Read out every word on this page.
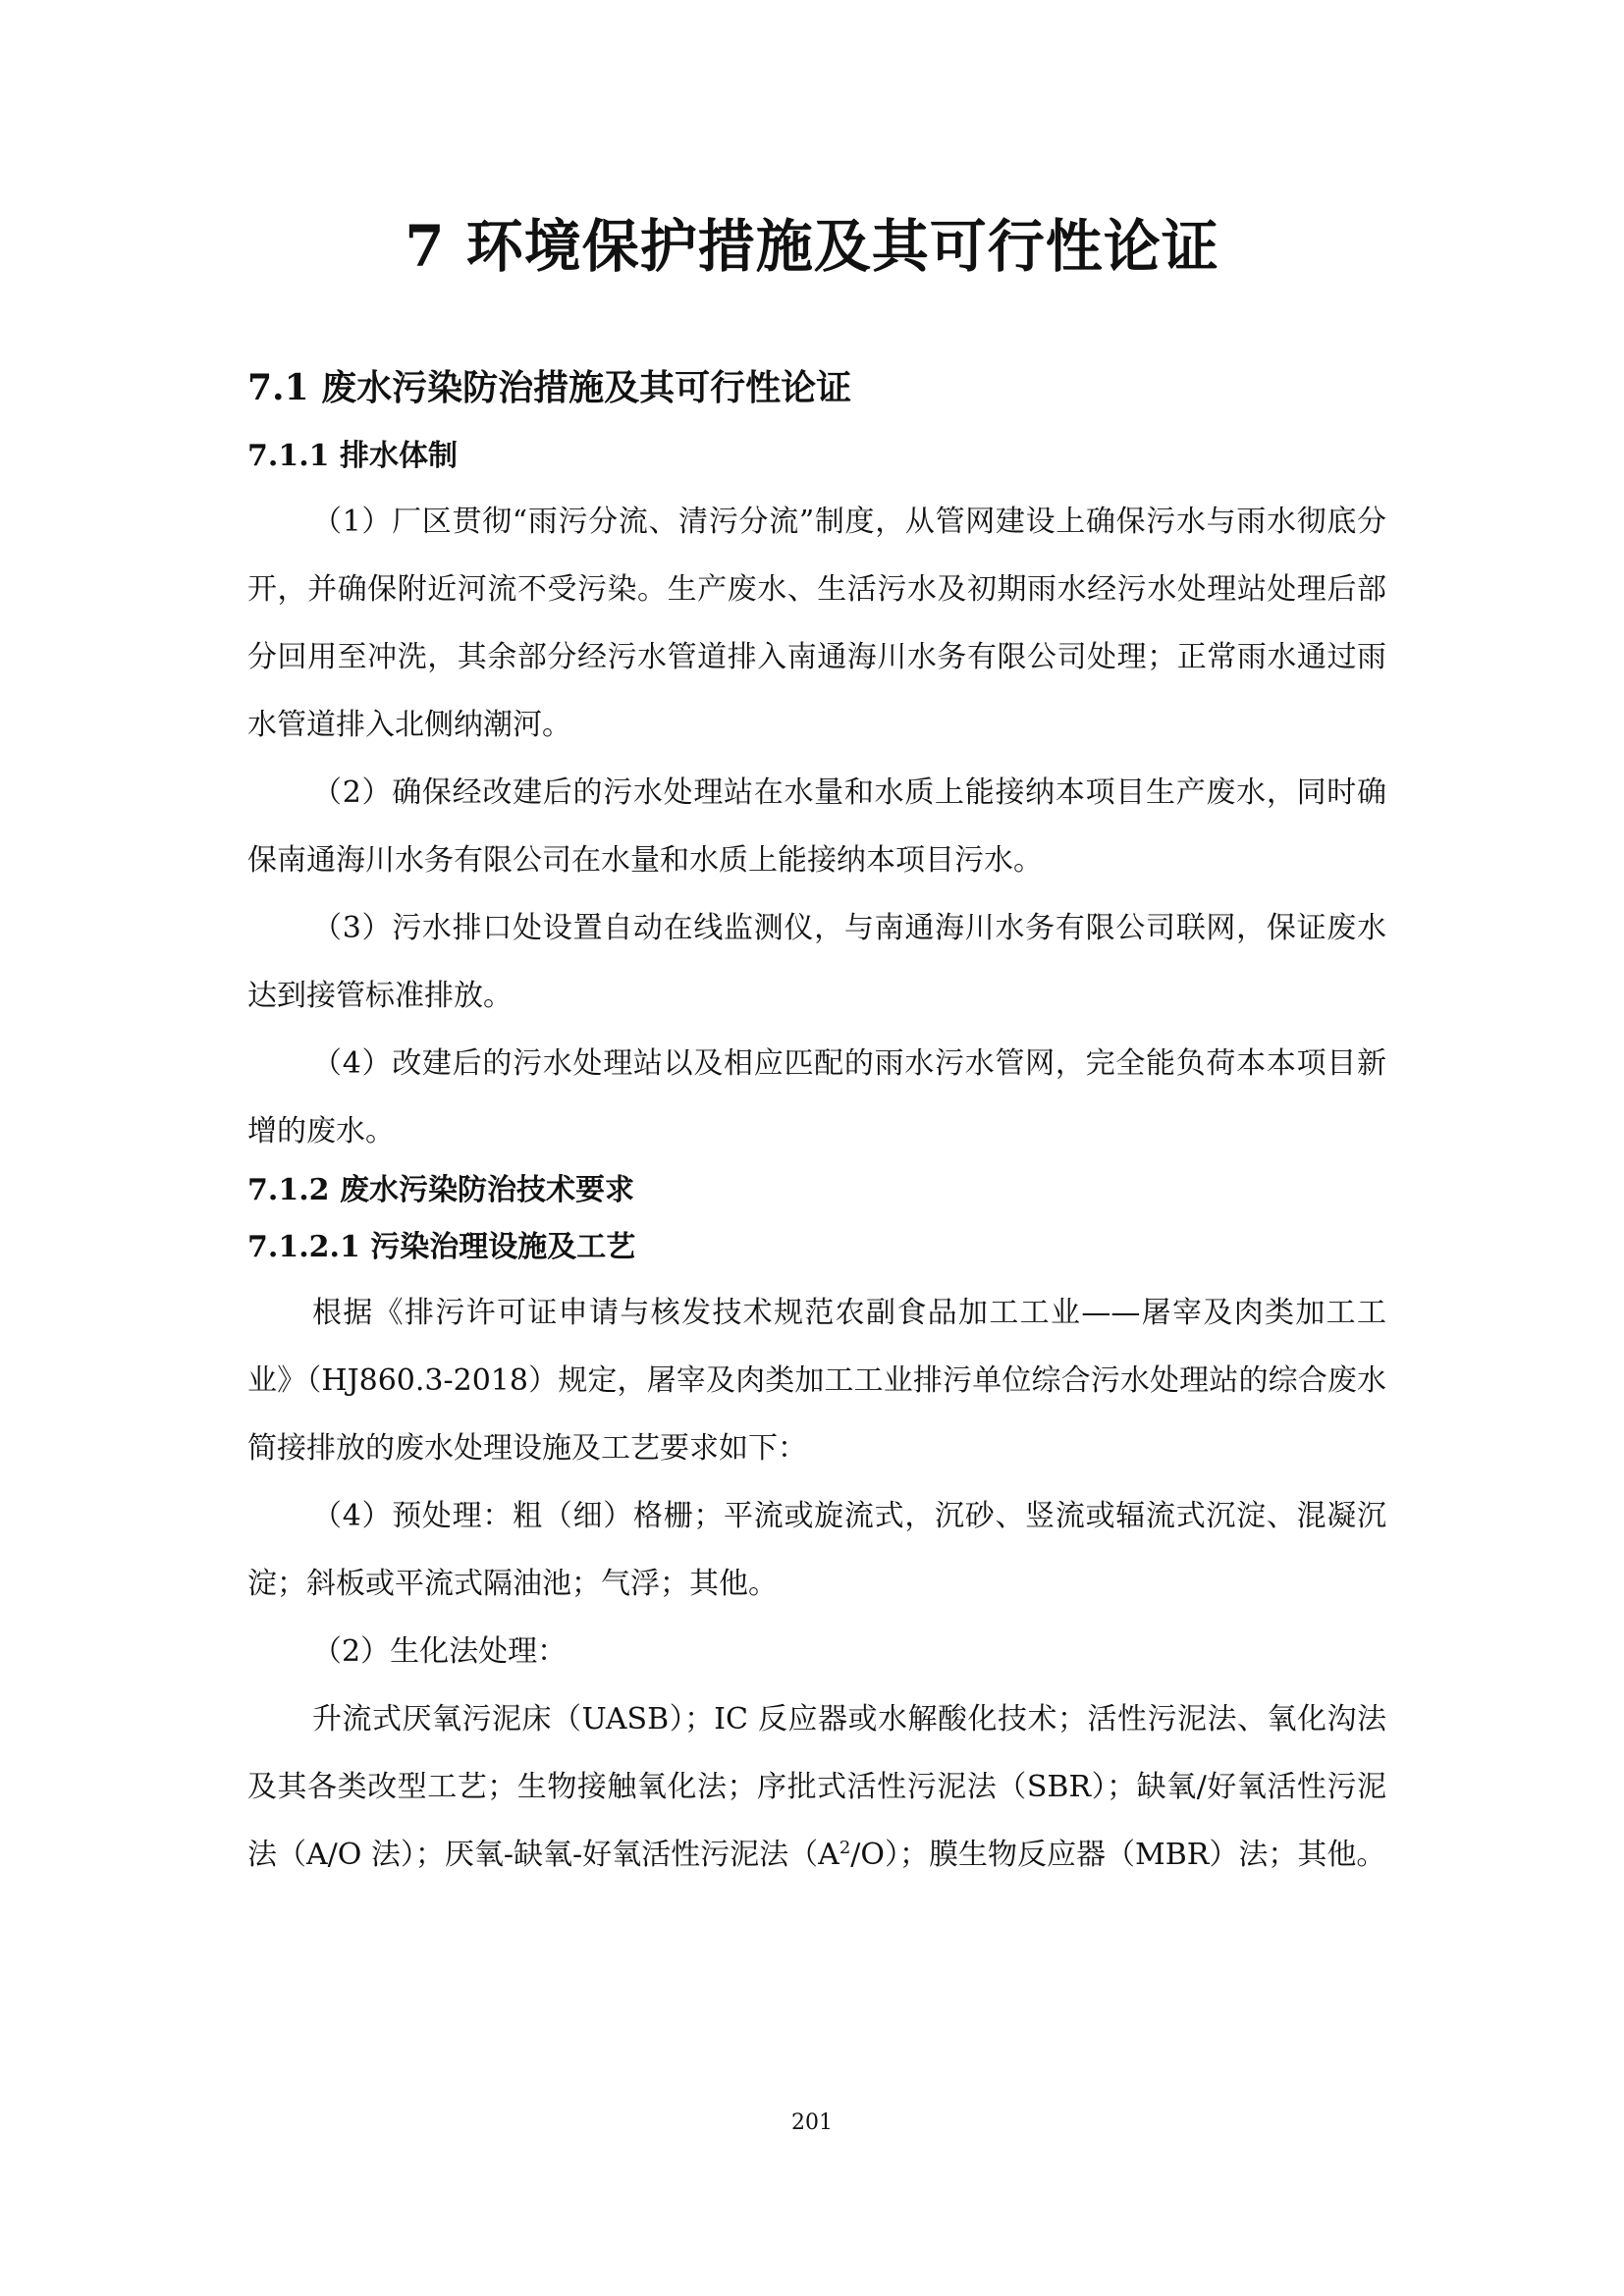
7 环境保护措施及其可行性论证
7.1 废水污染防治措施及其可行性论证
7.1.1 排水体制

（1）厂区贯彻“雨污分流、清污分流”制度，从管网建设上确保污水与雨水彻底分开，并确保附近河流不受污染。生产废水、生活污水及初期雨水经污水处理站处理后部分回用至冲洗，其余部分经污水管道排入南通海川水务有限公司处理；正常雨水通过雨水管道排入北侧纳潮河。

（2）确保经改建后的污水处理站在水量和水质上能接纳本项目生产废水，同时确保南通海川水务有限公司在水量和水质上能接纳本项目污水。

（3）污水排口处设置自动在线监测仪，与南通海川水务有限公司联网，保证废水达到接管标准排放。

（4）改建后的污水处理站以及相应匹配的雨水污水管网，完全能负荷本本项目新增的废水。

7.1.2 废水污染防治技术要求
7.1.2.1 污染治理设施及工艺

根据《排污许可证申请与核发技术规范农副食品加工工业——屠宰及肉类加工工业》（HJ860.3-2018）规定，屠宰及肉类加工工业排污单位综合污水处理站的综合废水简接排放的废水处理设施及工艺要求如下：

（4）预处理：粗（细）格栅；平流或旋流式，沉砂、竖流或辐流式沉淀、混凝沉淀；斜板或平流式隔油池；气浮；其他。

（2）生化法处理：

升流式厌氧污泥床（UASB）；IC 反应器或水解酸化技术；活性污泥法、氧化沟法及其各类改型工艺；生物接触氧化法；序批式活性污泥法（SBR）；缺氧/好氧活性污泥法（A/O 法）；厌氧-缺氧-好氧活性污泥法$(A^2/O)$；膜生物反应器（MBR）法；其他。

201
